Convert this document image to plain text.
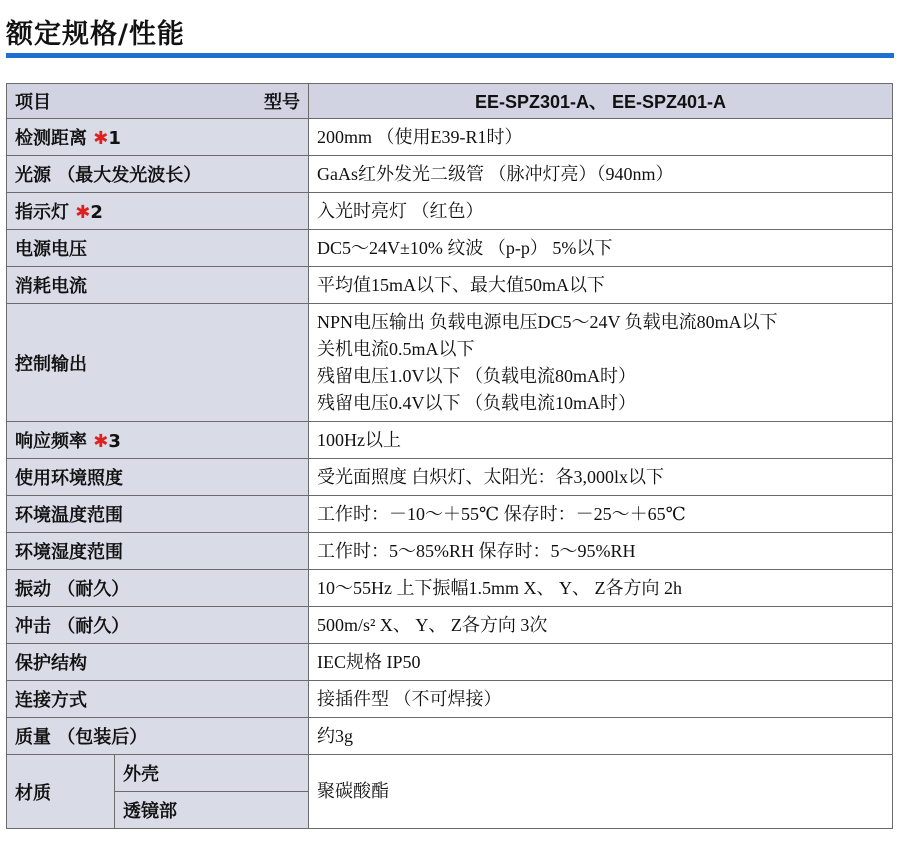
额定规格/性能
项目 型号		EE-SPZ301-A、 EE-SPZ401-A
检测距离 ✱1		200mm （使用E39-R1时）

光源 （最大发光波长）		GaAs红外发光二级管 （脉冲灯亮）（940nm）

指示灯 ✱2		入光时亮灯 （红色）

电源电压		DC5～24V±10% 纹波 （p-p） 5%以下

消耗电流		平均值15mA以下、最大值50mA以下

控制输出		NPN电压输出 负载电源电压DC5～24V 负载电流80mA以下
关机电流0.5mA以下
残留电压1.0V以下 （负载电流80mA时）
残留电压0.4V以下 （负载电流10mA时）

响应频率 ✱3		100Hz以上

使用环境照度		受光面照度 白炽灯、太阳光：各3,000lx以下

环境温度范围		工作时：－10～＋55℃ 保存时：－25～＋65℃

环境湿度范围		工作时：5～85%RH 保存时：5～95%RH

振动 （耐久）		10～55Hz 上下振幅1.5mm X、 Y、 Z各方向 2h

冲击 （耐久）		500m/s² X、 Y、 Z各方向 3次

保护结构		IEC规格 IP50

连接方式		接插件型 （不可焊接）

质量 （包装后）		约3g

材质	外壳	聚碳酸酯
	透镜部	
